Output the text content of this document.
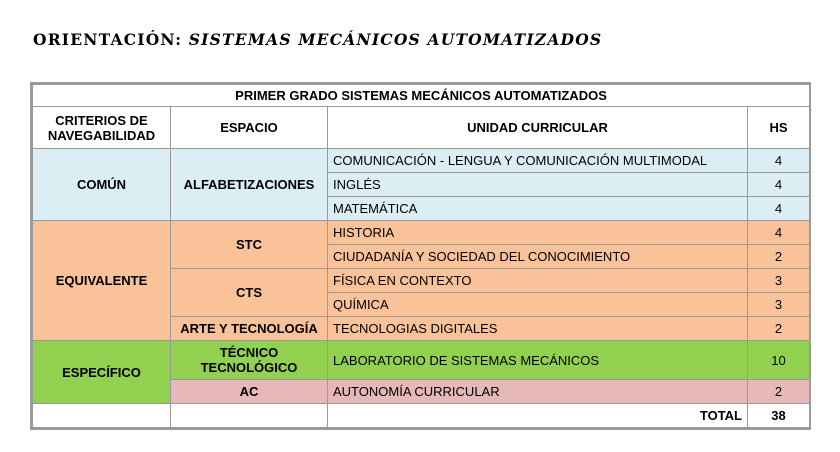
ORIENTACIÓN: SISTEMAS MECÁNICOS AUTOMATIZADOS
PRIMER GRADO SISTEMAS MECÁNICOS AUTOMATIZADOS			
CRITERIOS DE NAVEGABILIDAD	ESPACIO	UNIDAD CURRICULAR	HS
COMÚN	ALFABETIZACIONES	COMUNICACIÓN - LENGUA Y COMUNICACIÓN MULTIMODAL	4
		INGLÉS	4
		MATEMÁTICA	4
EQUIVALENTE	STC	HISTORIA	4
		CIUDADANÍA Y SOCIEDAD DEL CONOCIMIENTO	2
	CTS	FÍSICA EN CONTEXTO	3
		QUÍMICA	3
	ARTE Y TECNOLOGÍA	TECNOLOGIAS DIGITALES	2
ESPECÍFICO	TÉCNICO TECNOLÓGICO	LABORATORIO DE SISTEMAS MECÁNICOS	10
	AC	AUTONOMÍA CURRICULAR	2
		TOTAL	38
